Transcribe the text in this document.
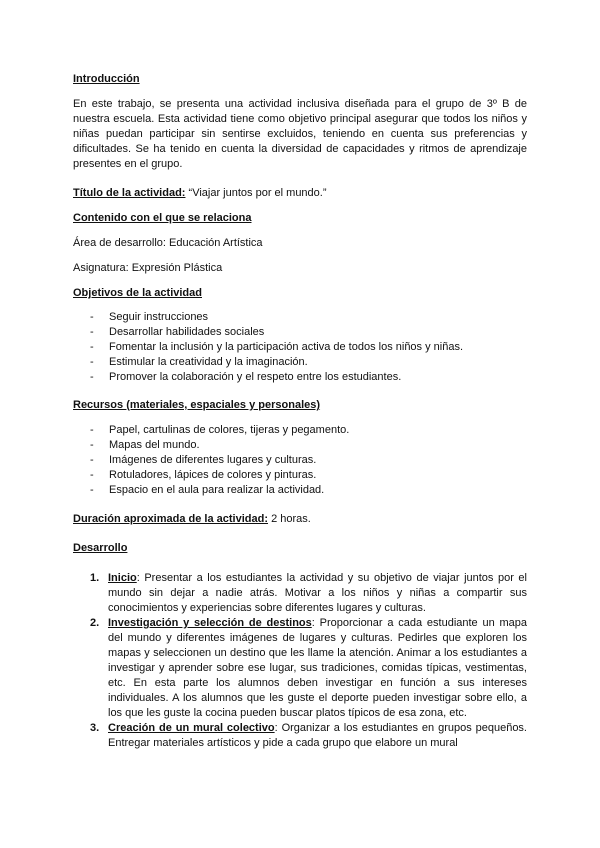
Introducción

En este trabajo, se presenta una actividad inclusiva diseñada para el grupo de 3º B de nuestra escuela. Esta actividad tiene como objetivo principal asegurar que todos los niños y niñas puedan participar sin sentirse excluidos, teniendo en cuenta sus preferencias y dificultades. Se ha tenido en cuenta la diversidad de capacidades y ritmos de aprendizaje presentes en el grupo.

Título de la actividad: “Viajar juntos por el mundo.”

Contenido con el que se relaciona

Área de desarrollo: Educación Artística

Asignatura: Expresión Plástica

Objetivos de la actividad

- Seguir instrucciones
- Desarrollar habilidades sociales
- Fomentar la inclusión y la participación activa de todos los niños y niñas.
- Estimular la creatividad y la imaginación.
- Promover la colaboración y el respeto entre los estudiantes.

Recursos (materiales, espaciales y personales)

- Papel, cartulinas de colores, tijeras y pegamento.
- Mapas del mundo.
- Imágenes de diferentes lugares y culturas.
- Rotuladores, lápices de colores y pinturas.
- Espacio en el aula para realizar la actividad.

Duración aproximada de la actividad: 2 horas.

Desarrollo

1. Inicio: Presentar a los estudiantes la actividad y su objetivo de viajar juntos por el mundo sin dejar a nadie atrás. Motivar a los niños y niñas a compartir sus conocimientos y experiencias sobre diferentes lugares y culturas.
2. Investigación y selección de destinos: Proporcionar a cada estudiante un mapa del mundo y diferentes imágenes de lugares y culturas. Pedirles que exploren los mapas y seleccionen un destino que les llame la atención. Animar a los estudiantes a investigar y aprender sobre ese lugar, sus tradiciones, comidas típicas, vestimentas, etc. En esta parte los alumnos deben investigar en función a sus intereses individuales. A los alumnos que les guste el deporte pueden investigar sobre ello, a los que les guste la cocina pueden buscar platos típicos de esa zona, etc.
3. Creación de un mural colectivo: Organizar a los estudiantes en grupos pequeños. Entregar materiales artísticos y pide a cada grupo que elabore un mural
